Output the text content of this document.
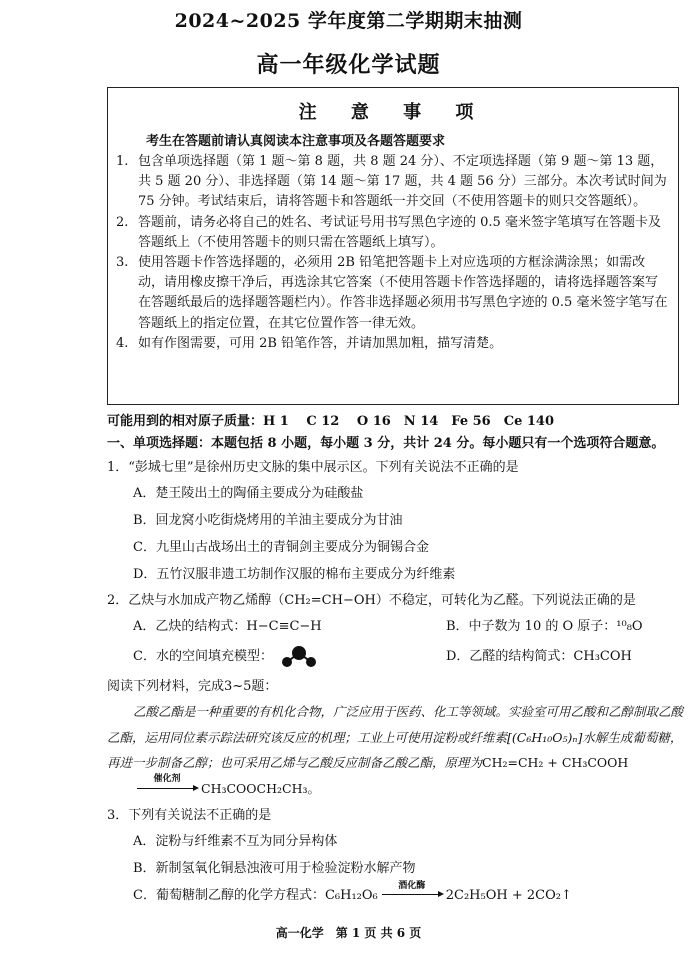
2024~2025 学年度第二学期期末抽测
高一年级化学试题
注 意 事 项
考生在答题前请认真阅读本注意事项及各题答题要求
1. 包含单项选择题（第 1 题～第 8 题，共 8 题 24 分）、不定项选择题（第 9 题～第 13 题，共 5 题 20 分）、非选择题（第 14 题～第 17 题，共 4 题 56 分）三部分。本次考试时间为 75 分钟。考试结束后，请将答题卡和答题纸一并交回（不使用答题卡的则只交答题纸）。
2. 答题前，请务必将自己的姓名、考试证号用书写黑色字迹的 0.5 毫米签字笔填写在答题卡及答题纸上（不使用答题卡的则只需在答题纸上填写）。
3. 使用答题卡作答选择题的，必须用 2B 铅笔把答题卡上对应选项的方框涂满涂黑；如需改动，请用橡皮擦干净后，再选涂其它答案（不使用答题卡作答选择题的，请将选择题答案写在答题纸最后的选择题答题栏内）。作答非选择题必须用书写黑色字迹的 0.5 毫米签字笔写在答题纸上的指定位置，在其它位置作答一律无效。
4. 如有作图需要，可用 2B 铅笔作答，并请加黑加粗，描写清楚。
可能用到的相对原子质量：H 1　 C 12　 O 16　N 14　Fe 56　Ce 140
一、单项选择题：本题包括 8 小题，每小题 3 分，共计 24 分。每小题只有一个选项符合题意。
1．“彭城七里”是徐州历史文脉的集中展示区。下列有关说法不正确的是
A．楚王陵出土的陶俑主要成分为硅酸盐
B．回龙窝小吃街烧烤用的羊油主要成分为甘油
C．九里山古战场出土的青铜剑主要成分为铜锡合金
D．五竹汉服非遗工坊制作汉服的棉布主要成分为纤维素
2．乙炔与水加成产物乙烯醇（CH₂=CH−OH）不稳定，可转化为乙醛。下列说法正确的是
A．乙炔的结构式：H−C≡C−H	B．中子数为 10 的 O 原子：¹⁰₈O
C．水的空间填充模型：	D．乙醛的结构简式：CH₃COH
阅读下列材料，完成3~5题：
乙酸乙酯是一种重要的有机化合物，广泛应用于医药、化工等领域。实验室可用乙酸和乙醇制取乙酸乙酯，运用同位素示踪法研究该反应的机理；工业上可使用淀粉或纤维素[(C₆H₁₀O₅)ₙ]水解生成葡萄糖，再进一步制备乙醇；也可采用乙烯与乙酸反应制备乙酸乙酯，原理为CH₂=CH₂ + CH₃COOH
催化剂
CH₃COOCH₂CH₃。
3．下列有关说法不正确的是
A．淀粉与纤维素不互为同分异构体
B．新制氢氧化铜悬浊液可用于检验淀粉水解产物
C．葡萄糖制乙醇的化学方程式：C₆H₁₂O₆
酒化酶
2C₂H₅OH + 2CO₂↑
高一化学　第 1 页 共 6 页
